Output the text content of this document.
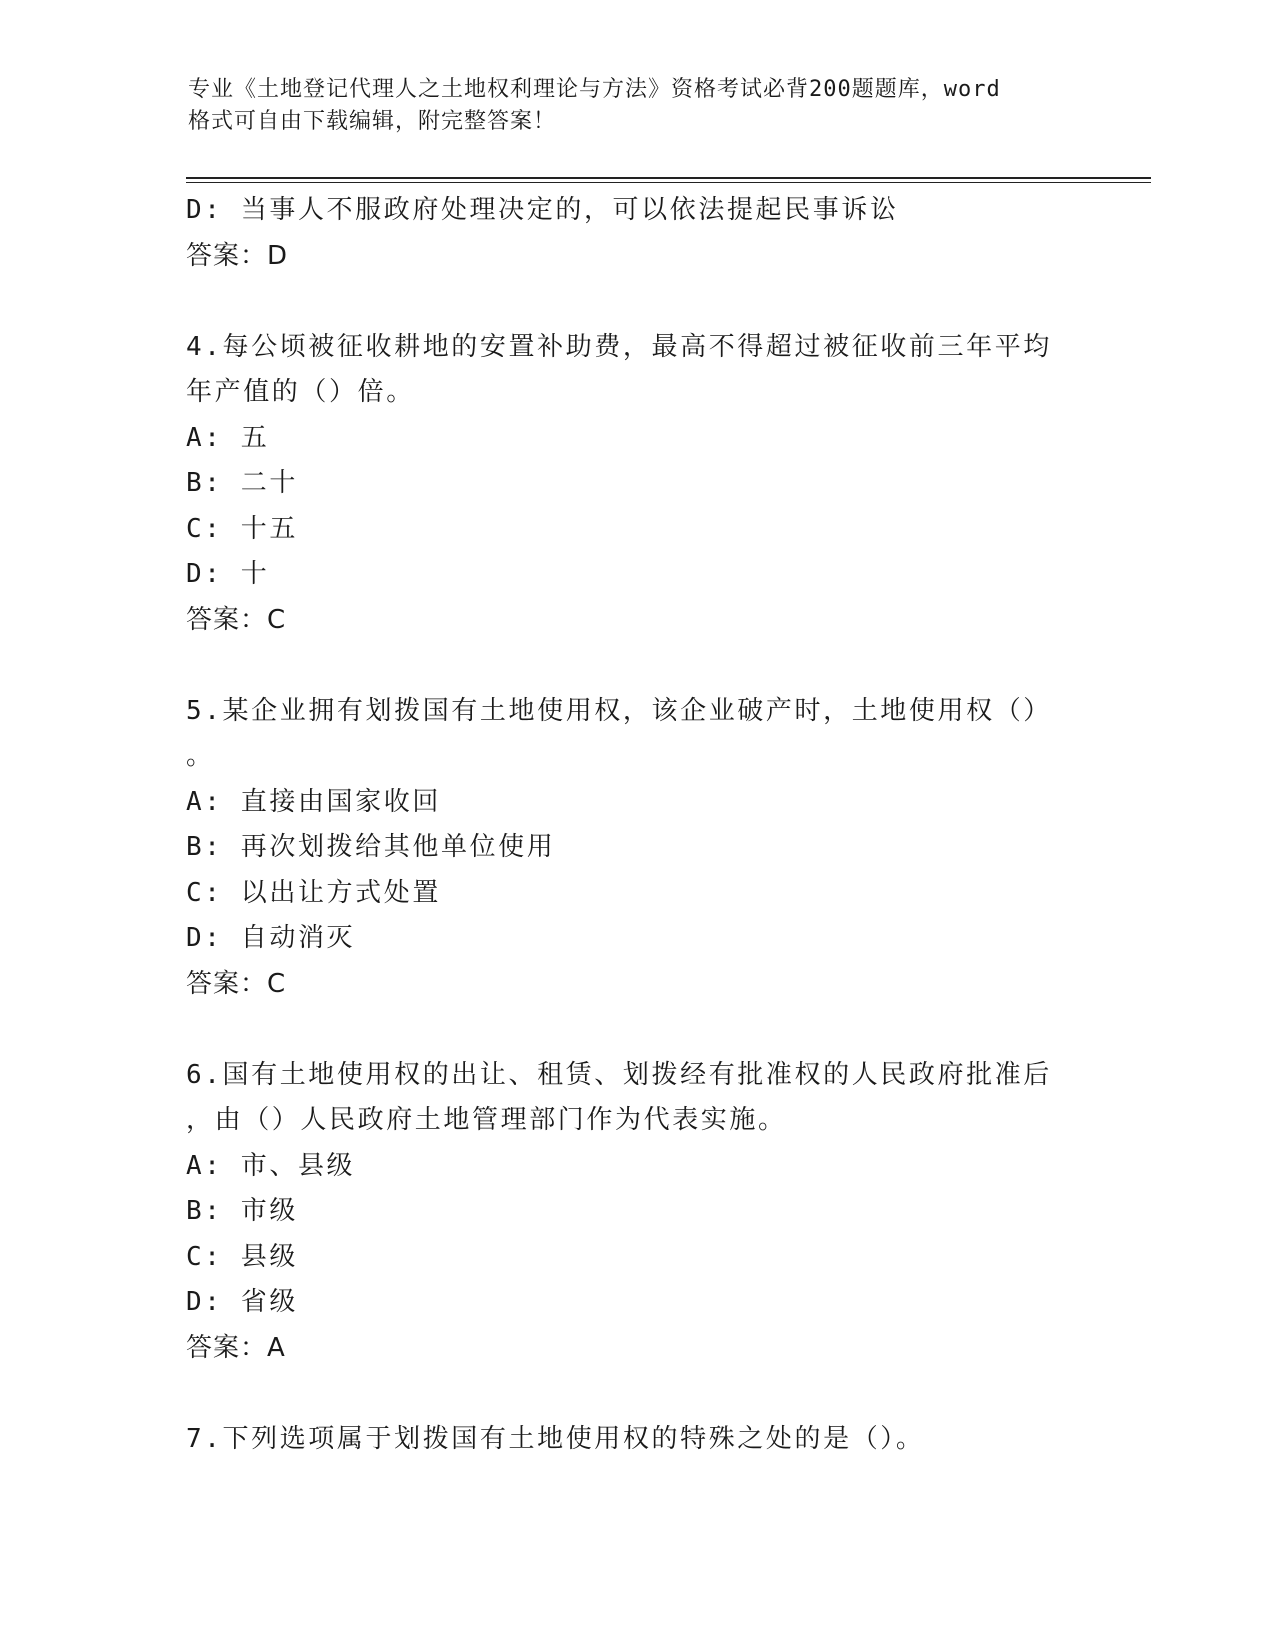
专业《土地登记代理人之土地权利理论与方法》资格考试必背200题题库，word
格式可自由下载编辑，附完整答案！
D: 当事人不服政府处理决定的，可以依法提起民事诉讼
答案：D
4.每公顷被征收耕地的安置补助费，最高不得超过被征收前三年平均
年产值的（）倍。
A: 五
B: 二十
C: 十五
D: 十
答案：C
5.某企业拥有划拨国有土地使用权，该企业破产时，土地使用权（）
。
A: 直接由国家收回
B: 再次划拨给其他单位使用
C: 以出让方式处置
D: 自动消灭
答案：C
6.国有土地使用权的出让、租赁、划拨经有批准权的人民政府批准后
，由（）人民政府土地管理部门作为代表实施。
A: 市、县级
B: 市级
C: 县级
D: 省级
答案：A
7.下列选项属于划拨国有土地使用权的特殊之处的是（）。
